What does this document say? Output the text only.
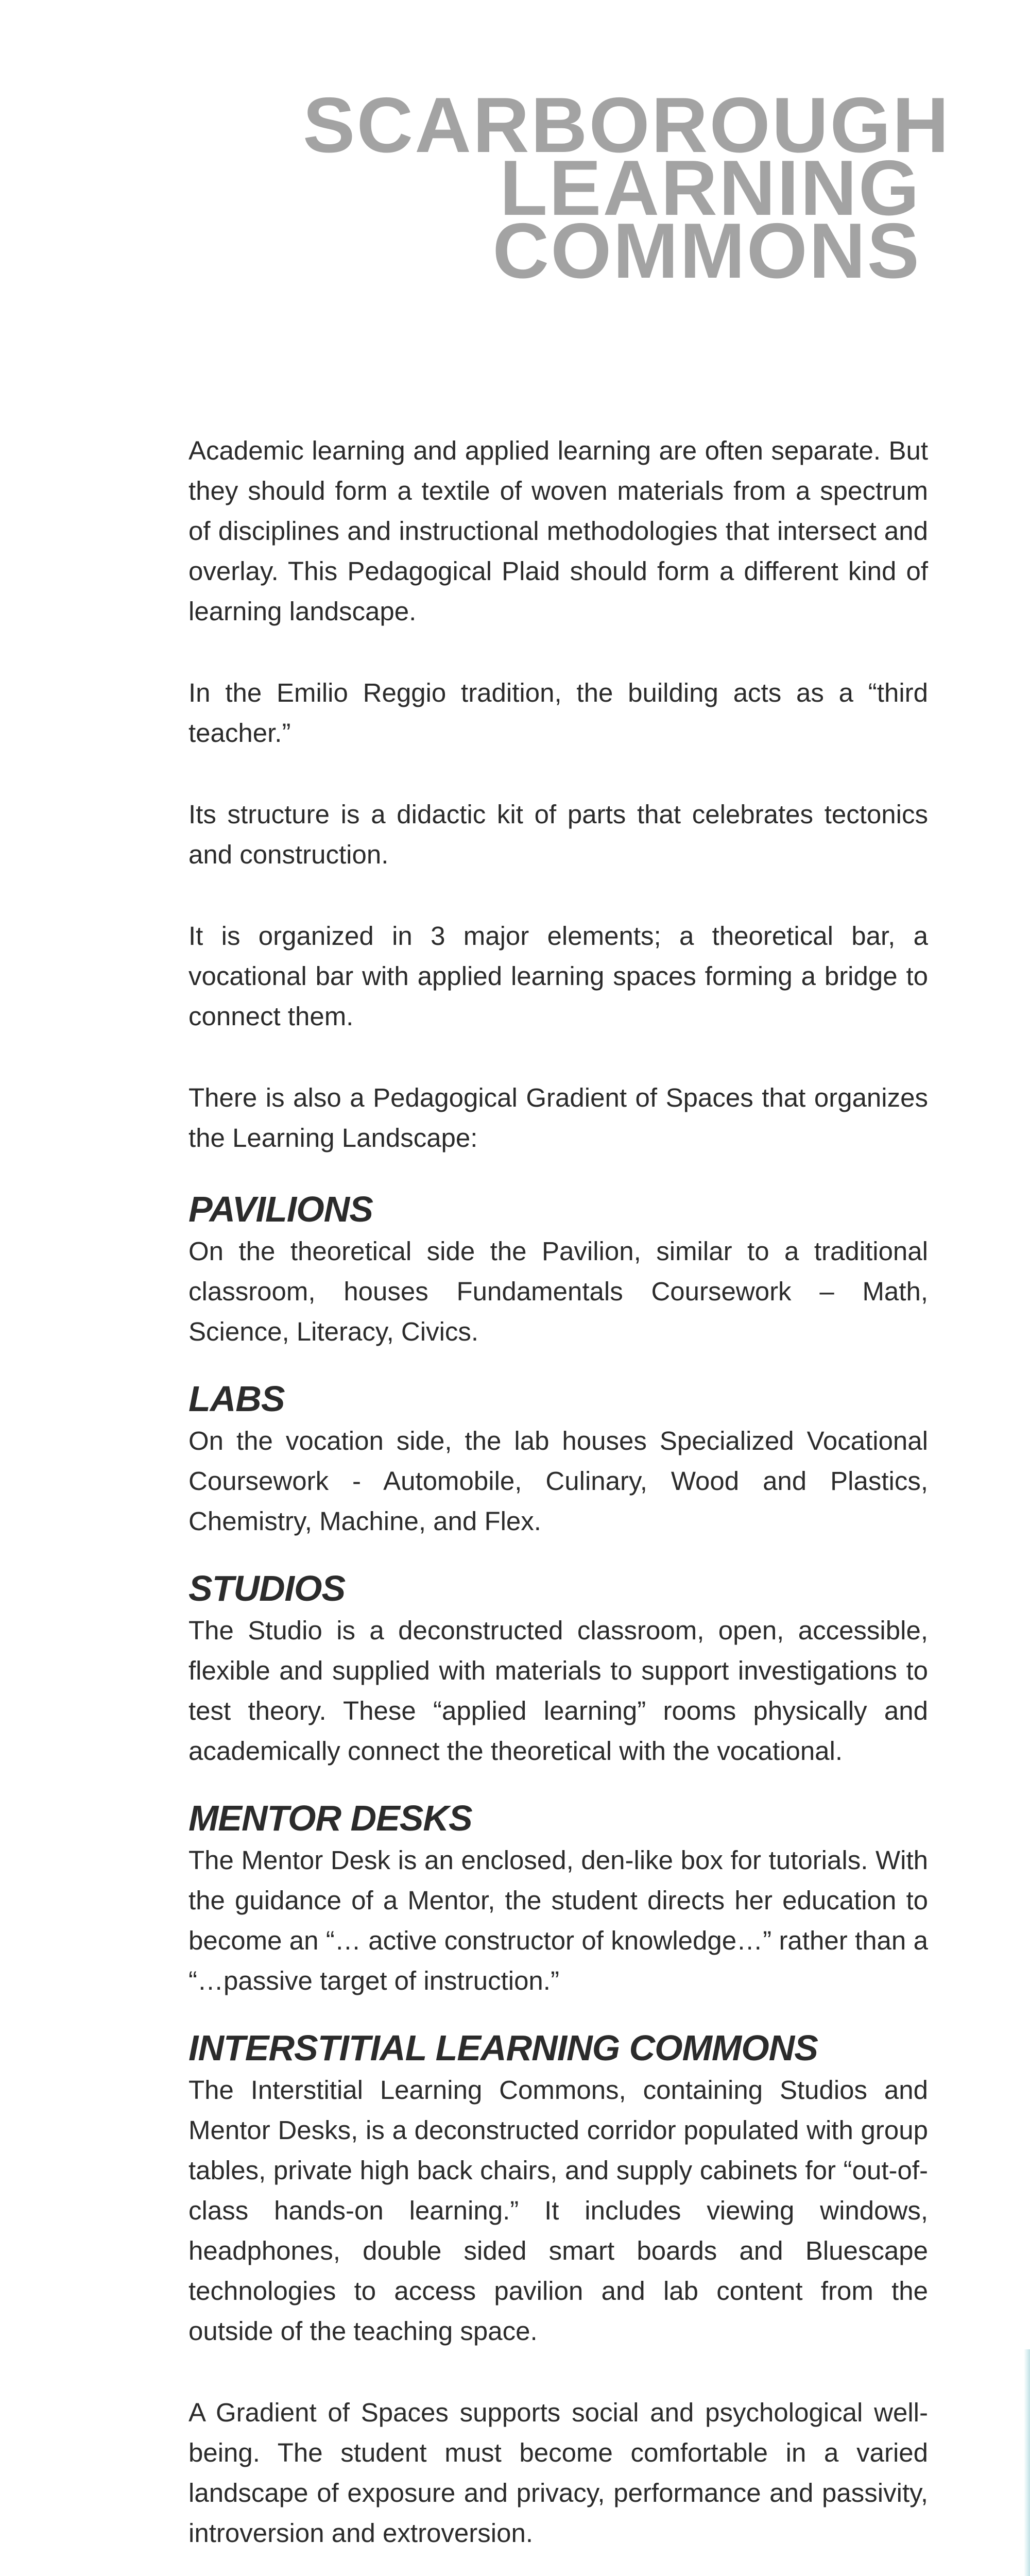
SCARBOROUGH
LEARNING
COMMONS

Academic learning and applied learning are often separate. But they should form a textile of woven materials from a spectrum of disciplines and instructional methodologies that intersect and overlay. This Pedagogical Plaid should form a different kind of learning landscape.

In the Emilio Reggio tradition, the building acts as a “third teacher.”

Its structure is a didactic kit of parts that celebrates tectonics and construction.

It is organized in 3 major elements; a theoretical bar, a vocational bar with applied learning spaces forming a bridge to connect them.

There is also a Pedagogical Gradient of Spaces that organizes the Learning Landscape:

PAVILIONS

On the theoretical side the Pavilion, similar to a traditional classroom, houses Fundamentals Coursework – Math, Science, Literacy, Civics.

LABS

On the vocation side, the lab houses Specialized Vocational Coursework - Automobile, Culinary, Wood and Plastics, Chemistry, Machine, and Flex.

STUDIOS

The Studio is a deconstructed classroom, open, accessible, flexible and supplied with materials to support investigations to test theory. These “applied learning” rooms physically and academically connect the theoretical with the vocational.

MENTOR DESKS

The Mentor Desk is an enclosed, den-like box for tutorials. With the guidance of a Mentor, the student directs her education to become an “… active constructor of knowledge…” rather than a “…passive target of instruction.”

INTERSTITIAL LEARNING COMMONS

The Interstitial Learning Commons, containing Studios and Mentor Desks, is a deconstructed corridor populated with group tables, private high back chairs, and supply cabinets for “out-of-class hands-on learning.” It includes viewing windows, headphones, double sided smart boards and Bluescape technologies to access pavilion and lab content from the outside of the teaching space.

A Gradient of Spaces supports social and psychological well-being. The student must become comfortable in a varied landscape of exposure and privacy, performance and passivity, introversion and extroversion.
